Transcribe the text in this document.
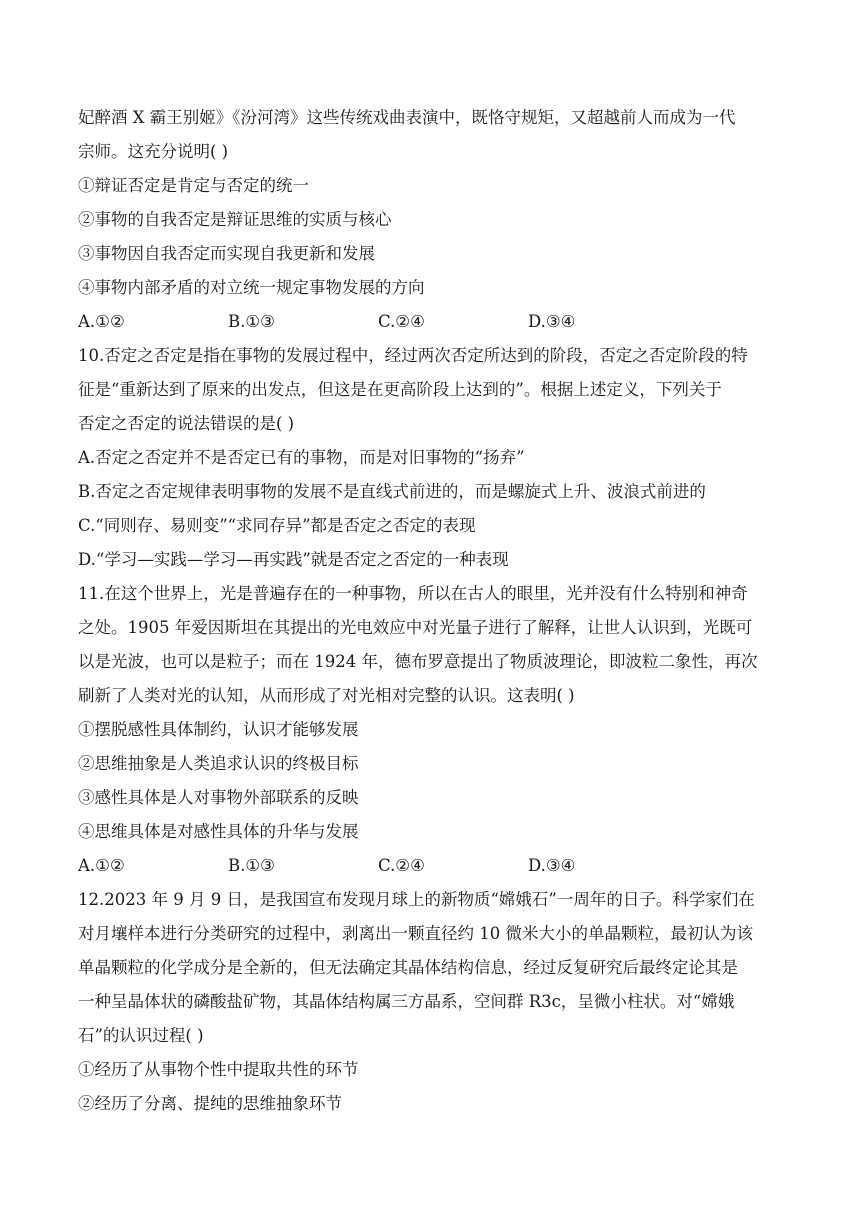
妃醉酒 X 霸王别姬》《汾河湾》这些传统戏曲表演中，既恪守规矩，又超越前人而成为一代
宗师。这充分说明( )
①辩证否定是肯定与否定的统一
②事物的自我否定是辩证思维的实质与核心
③事物因自我否定而实现自我更新和发展
④事物内部矛盾的对立统一规定事物发展的方向
A.①②	B.①③	C.②④	D.③④
10.否定之否定是指在事物的发展过程中，经过两次否定所达到的阶段，否定之否定阶段的特
征是“重新达到了原来的出发点，但这是在更高阶段上达到的”。根据上述定义，下列关于
否定之否定的说法错误的是( )
A.否定之否定并不是否定已有的事物，而是对旧事物的“扬弃”
B.否定之否定规律表明事物的发展不是直线式前进的，而是螺旋式上升、波浪式前进的
C.“同则存、易则变”“求同存异”都是否定之否定的表现
D.“学习—实践—学习—再实践”就是否定之否定的一种表现
11.在这个世界上，光是普遍存在的一种事物，所以在古人的眼里，光并没有什么特别和神奇
之处。1905 年爱因斯坦在其提出的光电效应中对光量子进行了解释，让世人认识到，光既可
以是光波，也可以是粒子；而在 1924 年，德布罗意提出了物质波理论，即波粒二象性，再次
刷新了人类对光的认知，从而形成了对光相对完整的认识。这表明( )
①摆脱感性具体制约，认识才能够发展
②思维抽象是人类追求认识的终极目标
③感性具体是人对事物外部联系的反映
④思维具体是对感性具体的升华与发展
A.①②	B.①③	C.②④	D.③④
12.2023 年 9 月 9 日，是我国宣布发现月球上的新物质“嫦娥石”一周年的日子。科学家们在
对月壤样本进行分类研究的过程中，剥离出一颗直径约 10 微米大小的单晶颗粒，最初认为该
单晶颗粒的化学成分是全新的，但无法确定其晶体结构信息，经过反复研究后最终定论其是
一种呈晶体状的磷酸盐矿物，其晶体结构属三方晶系，空间群 R3c，呈微小柱状。对“嫦娥
石”的认识过程( )
①经历了从事物个性中提取共性的环节
②经历了分离、提纯的思维抽象环节
